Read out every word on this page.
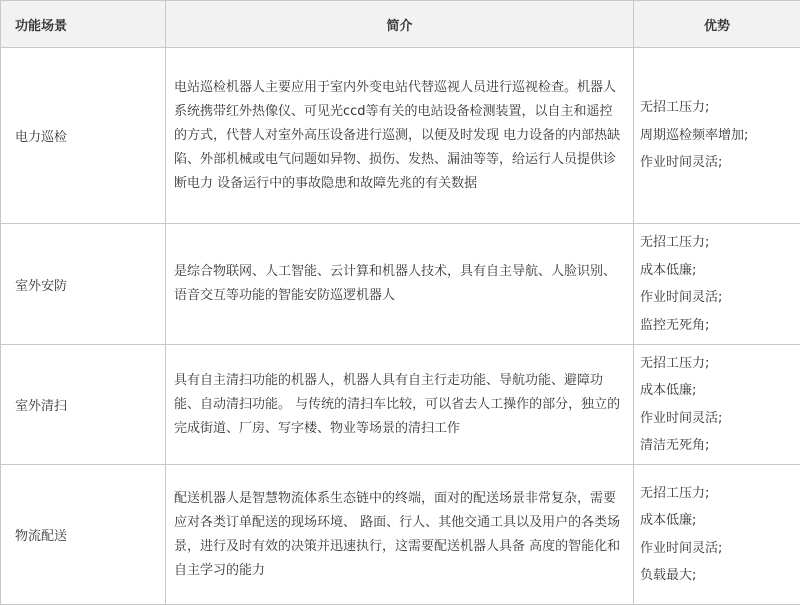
功能场景	简介	优势
电力巡检	电站巡检机器人主要应用于室内外变电站代替巡视人员进行巡视检查。机器人系统携带红外热像仪、可见光ccd等有关的电站设备检测装置，以自主和遥控的方式，代替人对室外高压设备进行巡测，以便及时发现 电力设备的内部热缺陷、外部机械或电气问题如异物、损伤、发热、漏油等等，给运行人员提供诊断电力 设备运行中的事故隐患和故障先兆的有关数据	无招工压力;
周期巡检频率增加;
作业时间灵活;

室外安防	是综合物联网、人工智能、云计算和机器人技术，具有自主导航、人脸识别、 语音交互等功能的智能安防巡逻机器人	无招工压力;
成本低廉;
作业时间灵活;
监控无死角;

室外清扫	具有自主清扫功能的机器人，机器人具有自主行走功能、导航功能、避障功能、自动清扫功能。 与传统的清扫车比较，可以省去人工操作的部分，独立的完成街道、厂房、写字楼、物业等场景的清扫工作	无招工压力;
成本低廉;
作业时间灵活;
清洁无死角;

物流配送	配送机器人是智慧物流体系生态链中的终端，面对的配送场景非常复杂，需要应对各类订单配送的现场环境、 路面、行人、其他交通工具以及用户的各类场景，进行及时有效的决策并迅速执行，这需要配送机器人具备 高度的智能化和自主学习的能力	无招工压力;
成本低廉;
作业时间灵活;
负载最大;
